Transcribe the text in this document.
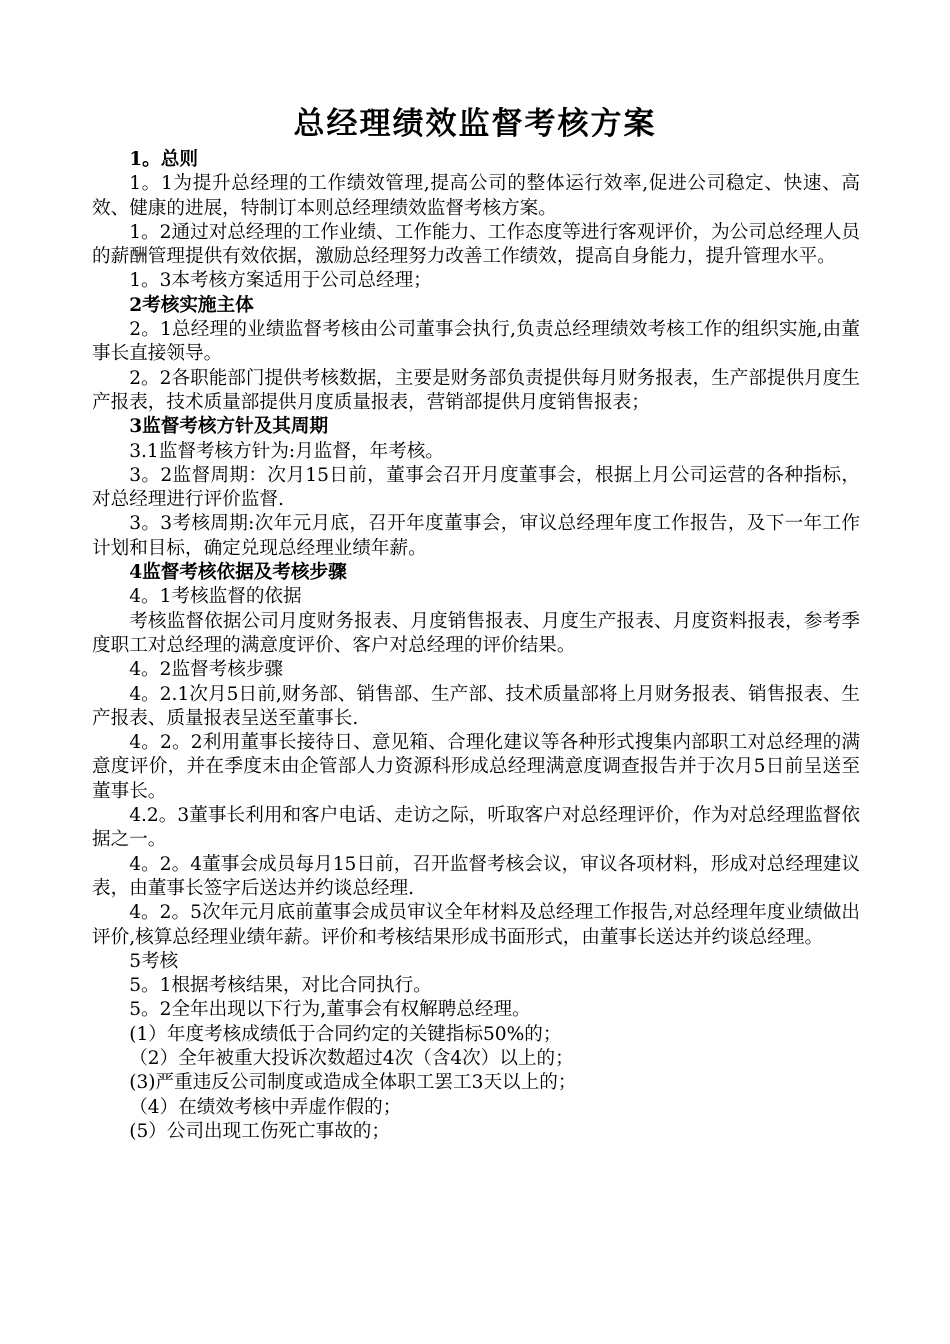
总经理绩效监督考核方案

1。总则

1。1为提升总经理的工作绩效管理,提高公司的整体运行效率,促进公司稳定、快速、高效、健康的进展，特制订本则总经理绩效监督考核方案。

1。2通过对总经理的工作业绩、工作能力、工作态度等进行客观评价，为公司总经理人员的薪酬管理提供有效依据，激励总经理努力改善工作绩效，提高自身能力，提升管理水平。

1。3本考核方案适用于公司总经理；

2考核实施主体

2。1总经理的业绩监督考核由公司董事会执行,负责总经理绩效考核工作的组织实施,由董事长直接领导。

2。2各职能部门提供考核数据，主要是财务部负责提供每月财务报表，生产部提供月度生产报表，技术质量部提供月度质量报表，营销部提供月度销售报表；

3监督考核方针及其周期

3.1监督考核方针为:月监督，年考核。

3。2监督周期：次月15日前，董事会召开月度董事会，根据上月公司运营的各种指标，对总经理进行评价监督.

3。3考核周期:次年元月底，召开年度董事会，审议总经理年度工作报告，及下一年工作计划和目标，确定兑现总经理业绩年薪。

4监督考核依据及考核步骤

4。1考核监督的依据

考核监督依据公司月度财务报表、月度销售报表、月度生产报表、月度资料报表，参考季度职工对总经理的满意度评价、客户对总经理的评价结果。

4。2监督考核步骤

4。2.1次月5日前,财务部、销售部、生产部、技术质量部将上月财务报表、销售报表、生产报表、质量报表呈送至董事长.

4。2。2利用董事长接待日、意见箱、合理化建议等各种形式搜集内部职工对总经理的满意度评价，并在季度末由企管部人力资源科形成总经理满意度调查报告并于次月5日前呈送至董事长。

4.2。3董事长利用和客户电话、走访之际，听取客户对总经理评价，作为对总经理监督依据之一。

4。2。4董事会成员每月15日前，召开监督考核会议，审议各项材料，形成对总经理建议表，由董事长签字后送达并约谈总经理.

4。2。5次年元月底前董事会成员审议全年材料及总经理工作报告,对总经理年度业绩做出评价,核算总经理业绩年薪。评价和考核结果形成书面形式，由董事长送达并约谈总经理。

5考核

5。1根据考核结果，对比合同执行。

5。2全年出现以下行为,董事会有权解聘总经理。

(1）年度考核成绩低于合同约定的关键指标50%的；

（2）全年被重大投诉次数超过4次（含4次）以上的；

(3)严重违反公司制度或造成全体职工罢工3天以上的；

（4）在绩效考核中弄虚作假的；

(5）公司出现工伤死亡事故的；
